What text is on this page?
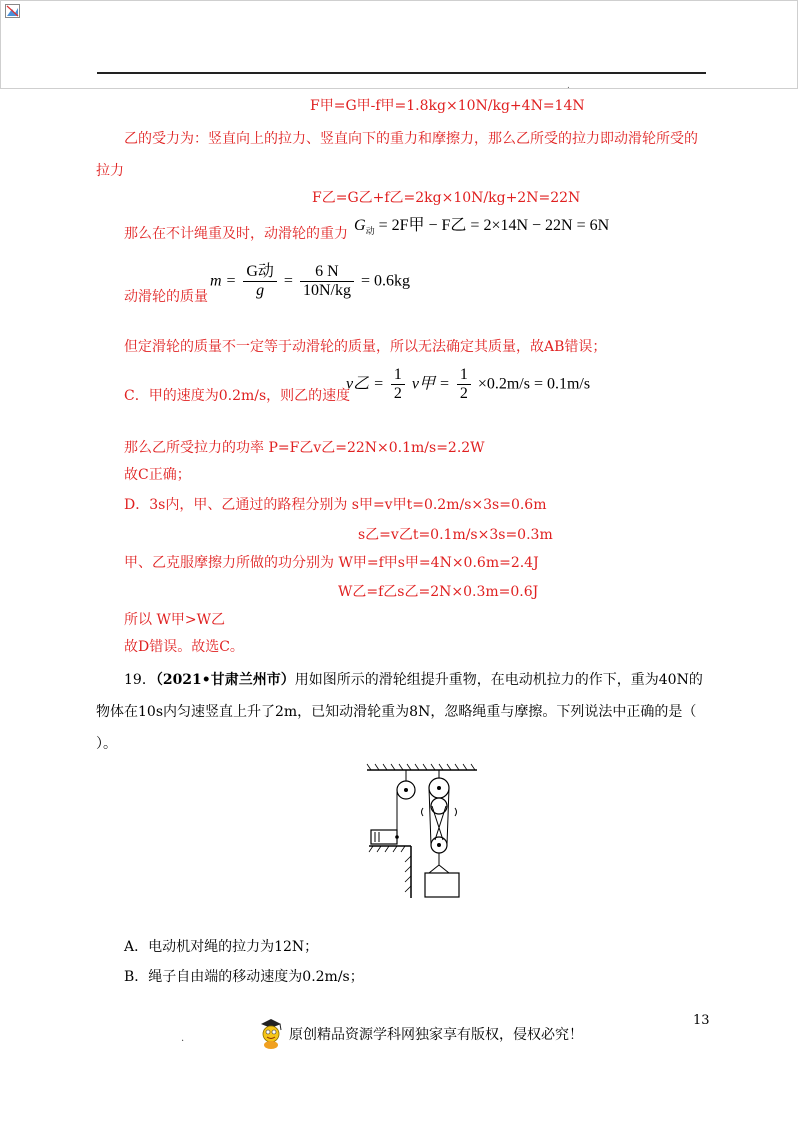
.
F甲=G甲-f甲=1.8kg×10N/kg+4N=14N
乙的受力为：竖直向上的拉力、竖直向下的重力和摩擦力，那么乙所受的拉力即动滑轮所受的
拉力
F乙=G乙+f乙=2kg×10N/kg+2N=22N
那么在不计绳重及时，动滑轮的重力 $G_动 = 2F$甲 − F乙 = 2×14N − 22N = 6N
动滑轮的质量
$m = \frac{\text{G动}}{g} = \frac{6 N}{10N/kg} = 0.6kg$
但定滑轮的质量不一定等于动滑轮的质量，所以无法确定其质量，故AB错误；
C．甲的速度为0.2m/s，则乙的速度
v乙 = $\frac{1}{2}$ v甲 = $\frac{1}{2} \times 0.2m/s = 0.1m/s$
那么乙所受拉力的功率 P=F乙v乙=22N×0.1m/s=2.2W
故C正确；
D．3s内，甲、乙通过的路程分别为 s甲=v甲t=0.2m/s×3s=0.6m
s乙=v乙t=0.1m/s×3s=0.3m
甲、乙克服摩擦力所做的功分别为 W甲=f甲s甲=4N×0.6m=2.4J
W乙=f乙s乙=2N×0.3m=0.6J
所以 W甲>W乙
故D错误。故选C。
19．（2021•甘肃兰州市）用如图所示的滑轮组提升重物，在电动机拉力的作下，重为40N的
物体在10s内匀速竖直上升了2m，已知动滑轮重为8N，忽略绳重与摩擦。下列说法中正确的是（
）。
A．电动机对绳的拉力为12N；
B．绳子自由端的移动速度为0.2m/s；
.
13
原创精品资源学科网独家享有版权，侵权必究！
